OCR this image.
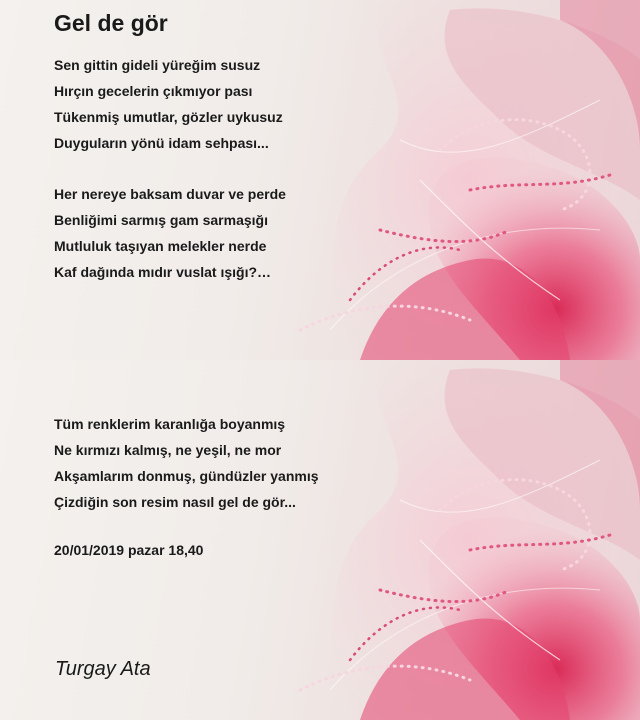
Gel de gör
Sen gittin gideli yüreğim susuz
Hırçın gecelerin çıkmıyor pası
Tükenmiş umutlar, gözler uykusuz
Duyguların yönü idam sehpası...
Her nereye baksam duvar ve perde
Benliğimi sarmış gam sarmaşığı
Mutluluk taşıyan melekler nerde
Kaf dağında mıdır vuslat ışığı?…
Tüm renklerim karanlığa boyanmış
Ne kırmızı kalmış, ne yeşil, ne mor
Akşamlarım donmuş, gündüzler yanmış
Çizdiğin son resim nasıl gel de gör...
20/01/2019 pazar 18,40
Turgay Ata
